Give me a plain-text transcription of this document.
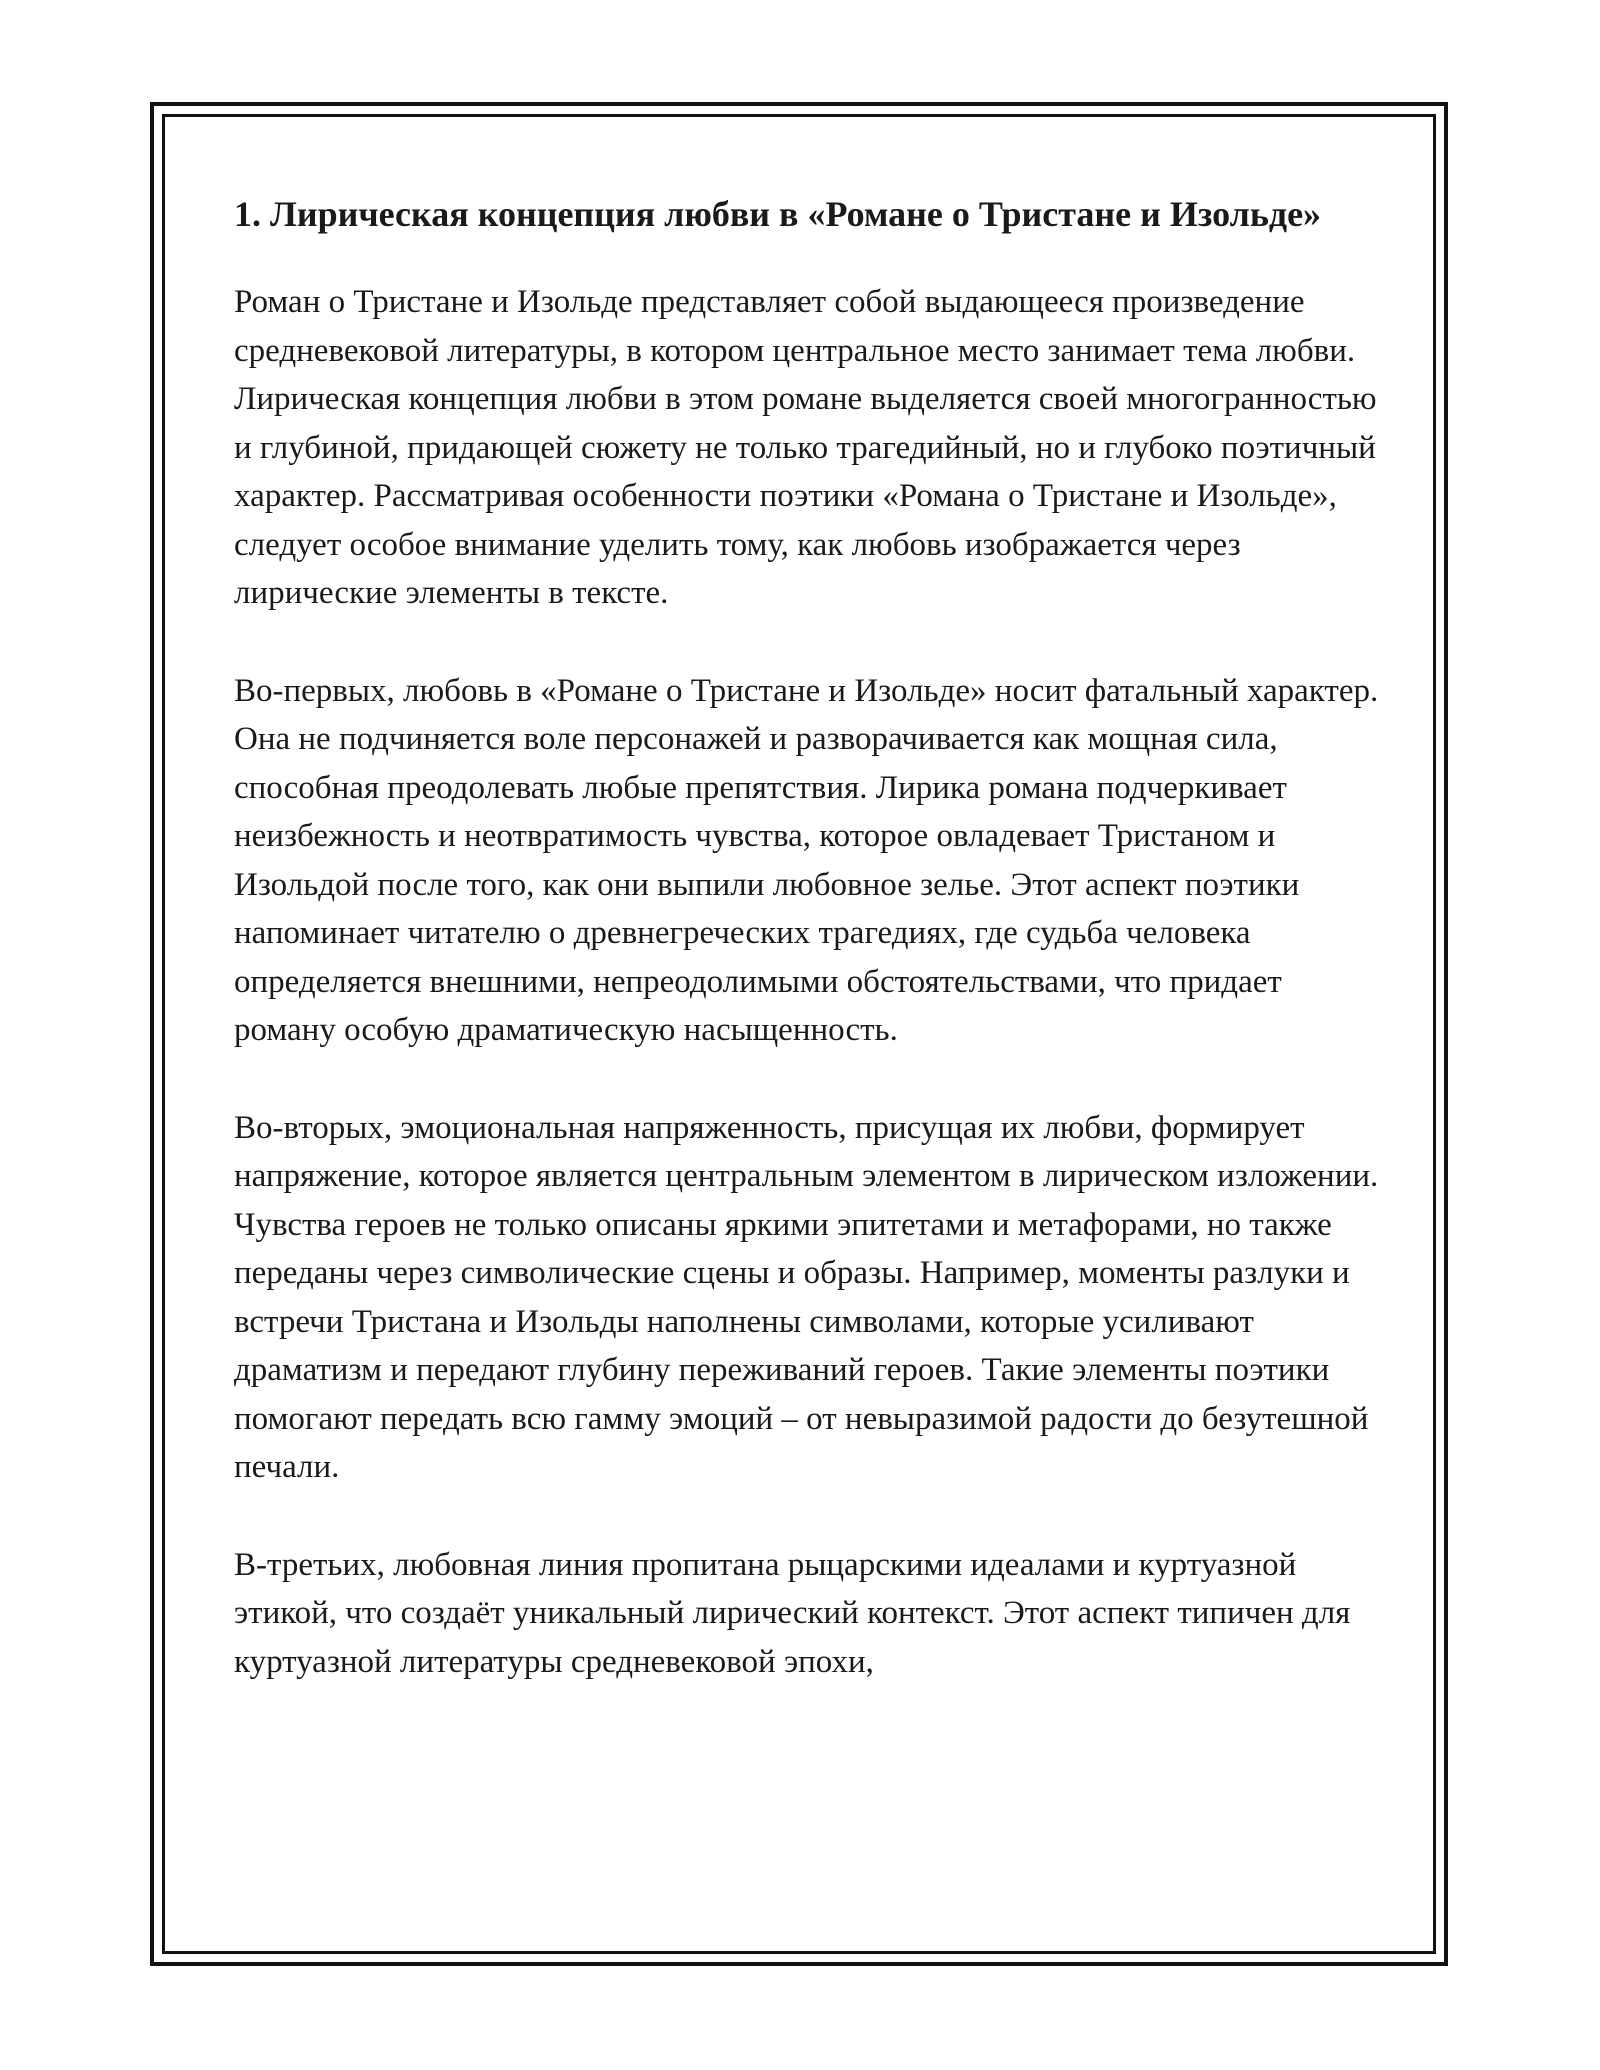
1. Лирическая концепция любви в «Романе о Тристане и Изольде»

Роман о Тристане и Изольде представляет собой выдающееся произведение средневековой литературы, в котором центральное место занимает тема любви. Лирическая концепция любви в этом романе выделяется своей многогранностью и глубиной, придающей сюжету не только трагедийный, но и глубоко поэтичный характер. Рассматривая особенности поэтики «Романа о Тристане и Изольде», следует особое внимание уделить тому, как любовь изображается через лирические элементы в тексте.

Во-первых, любовь в «Романе о Тристане и Изольде» носит фатальный характер. Она не подчиняется воле персонажей и разворачивается как мощная сила, способная преодолевать любые препятствия. Лирика романа подчеркивает неизбежность и неотвратимость чувства, которое овладевает Тристаном и Изольдой после того, как они выпили любовное зелье. Этот аспект поэтики напоминает читателю о древнегреческих трагедиях, где судьба человека определяется внешними, непреодолимыми обстоятельствами, что придает роману особую драматическую насыщенность.

Во-вторых, эмоциональная напряженность, присущая их любви, формирует напряжение, которое является центральным элементом в лирическом изложении. Чувства героев не только описаны яркими эпитетами и метафорами, но также переданы через символические сцены и образы. Например, моменты разлуки и встречи Тристана и Изольды наполнены символами, которые усиливают драматизм и передают глубину переживаний героев. Такие элементы поэтики помогают передать всю гамму эмоций – от невыразимой радости до безутешной печали.

В-третьих, любовная линия пропитана рыцарскими идеалами и куртуазной этикой, что создаёт уникальный лирический контекст. Этот аспект типичен для куртуазной литературы средневековой эпохи,
